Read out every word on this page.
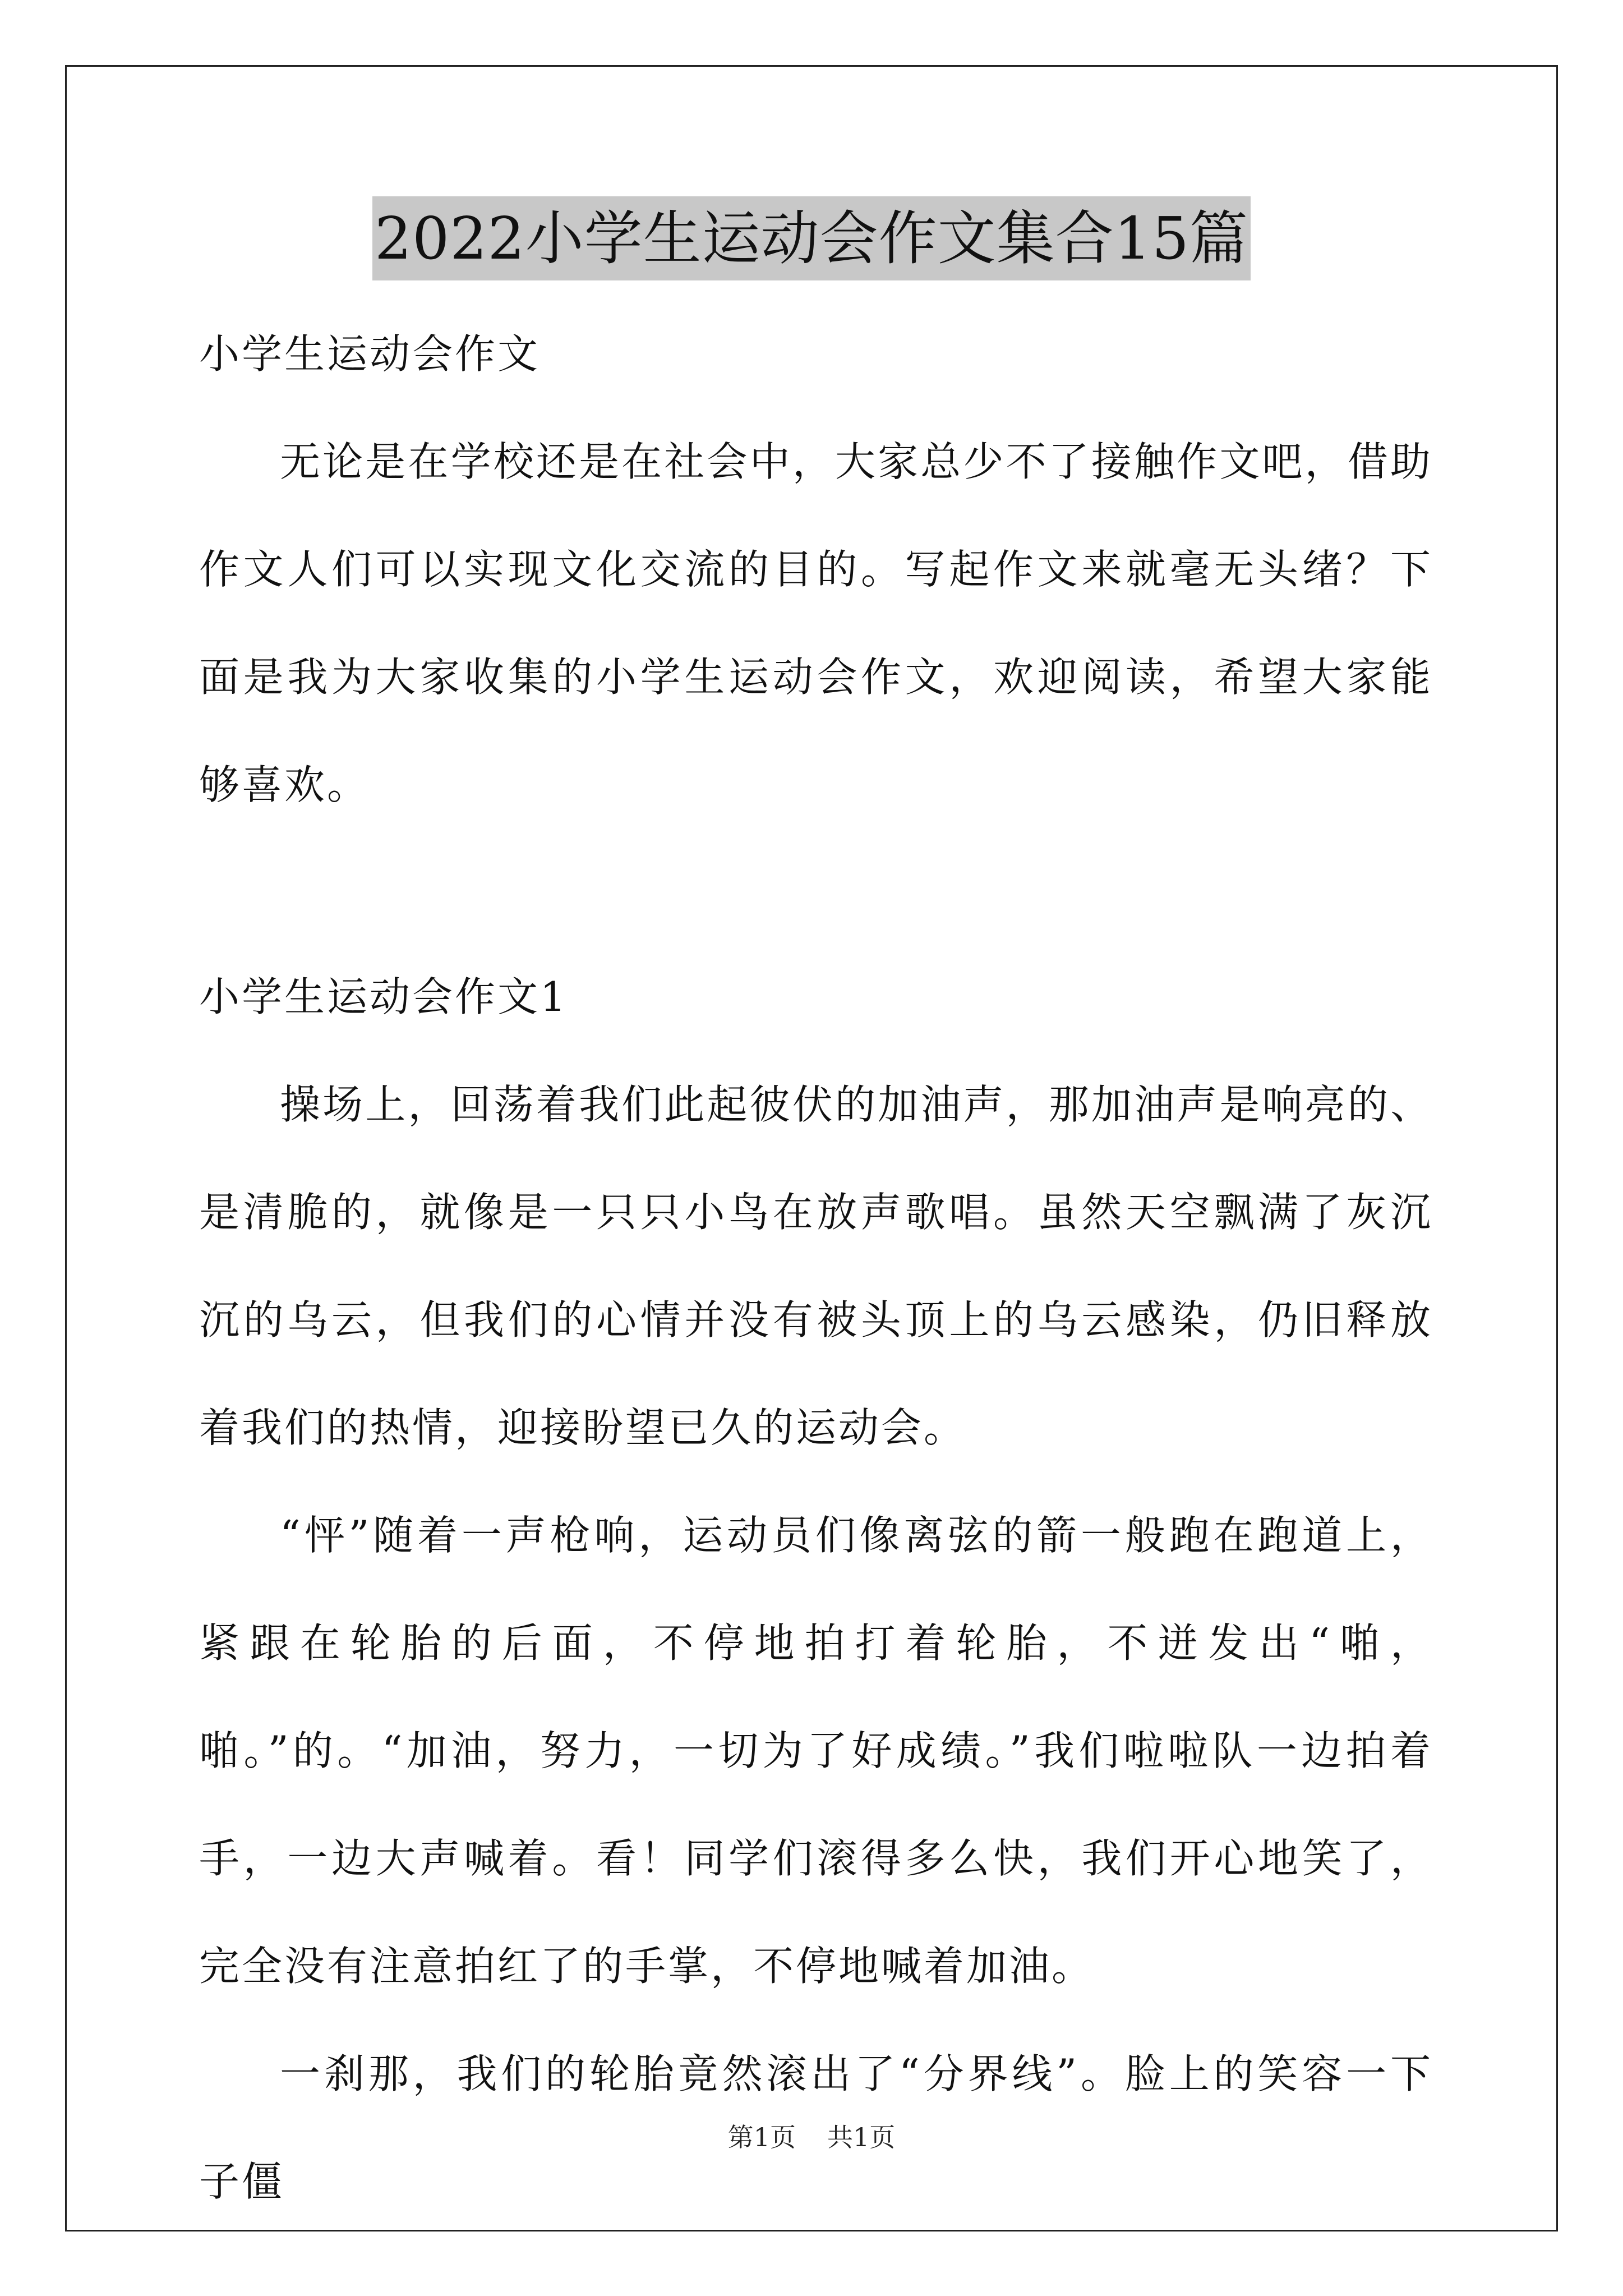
2022小学生运动会作文集合15篇

小学生运动会作文

无论是在学校还是在社会中，大家总少不了接触作文吧，借助作文人们可以实现文化交流的目的。写起作文来就毫无头绪？下面是我为大家收集的小学生运动会作文，欢迎阅读，希望大家能够喜欢。

小学生运动会作文1

操场上，回荡着我们此起彼伏的加油声，那加油声是响亮的、是清脆的，就像是一只只小鸟在放声歌唱。虽然天空飘满了灰沉沉的乌云，但我们的心情并没有被头顶上的乌云感染，仍旧释放着我们的热情，迎接盼望已久的运动会。

“怦”随着一声枪响，运动员们像离弦的箭一般跑在跑道上，紧跟在轮胎的后面，不停地拍打着轮胎，不迸发出“啪，啪。”的。“加油，努力，一切为了好成绩。”我们啦啦队一边拍着手，一边大声喊着。看！同学们滚得多么快，我们开心地笑了，完全没有注意拍红了的手掌，不停地喊着加油。

一刹那，我们的轮胎竟然滚出了“分界线”。脸上的笑容一下子僵

第1页 共1页
